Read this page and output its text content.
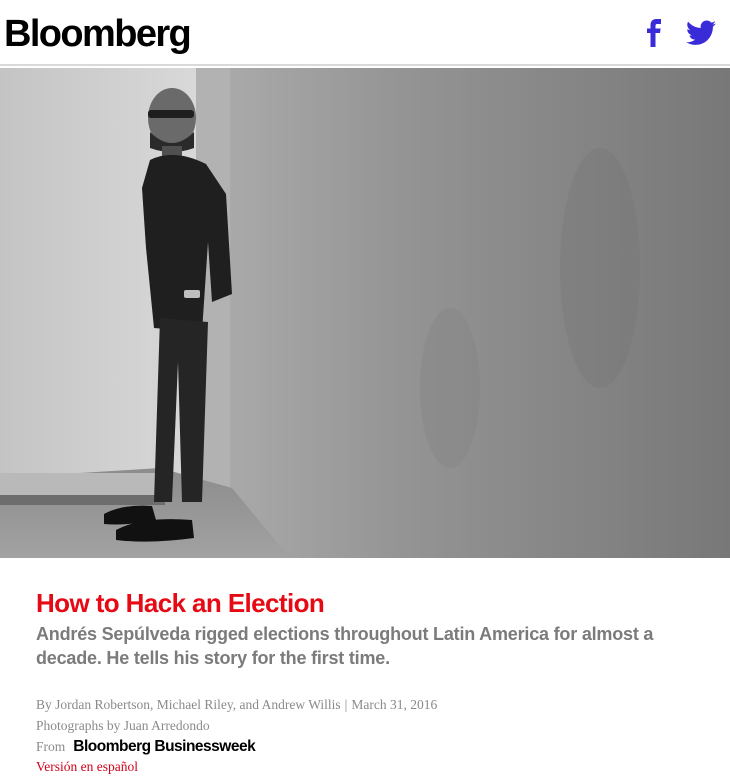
Bloomberg
How to Hack an Election

Andrés Sepúlveda rigged elections throughout Latin America for almost a decade. He tells his story for the first time.

By Jordan Robertson, Michael Riley, and Andrew Willis | March 31, 2016
Photographs by Juan Arredondo
From Bloomberg Businessweek
Versión en español
